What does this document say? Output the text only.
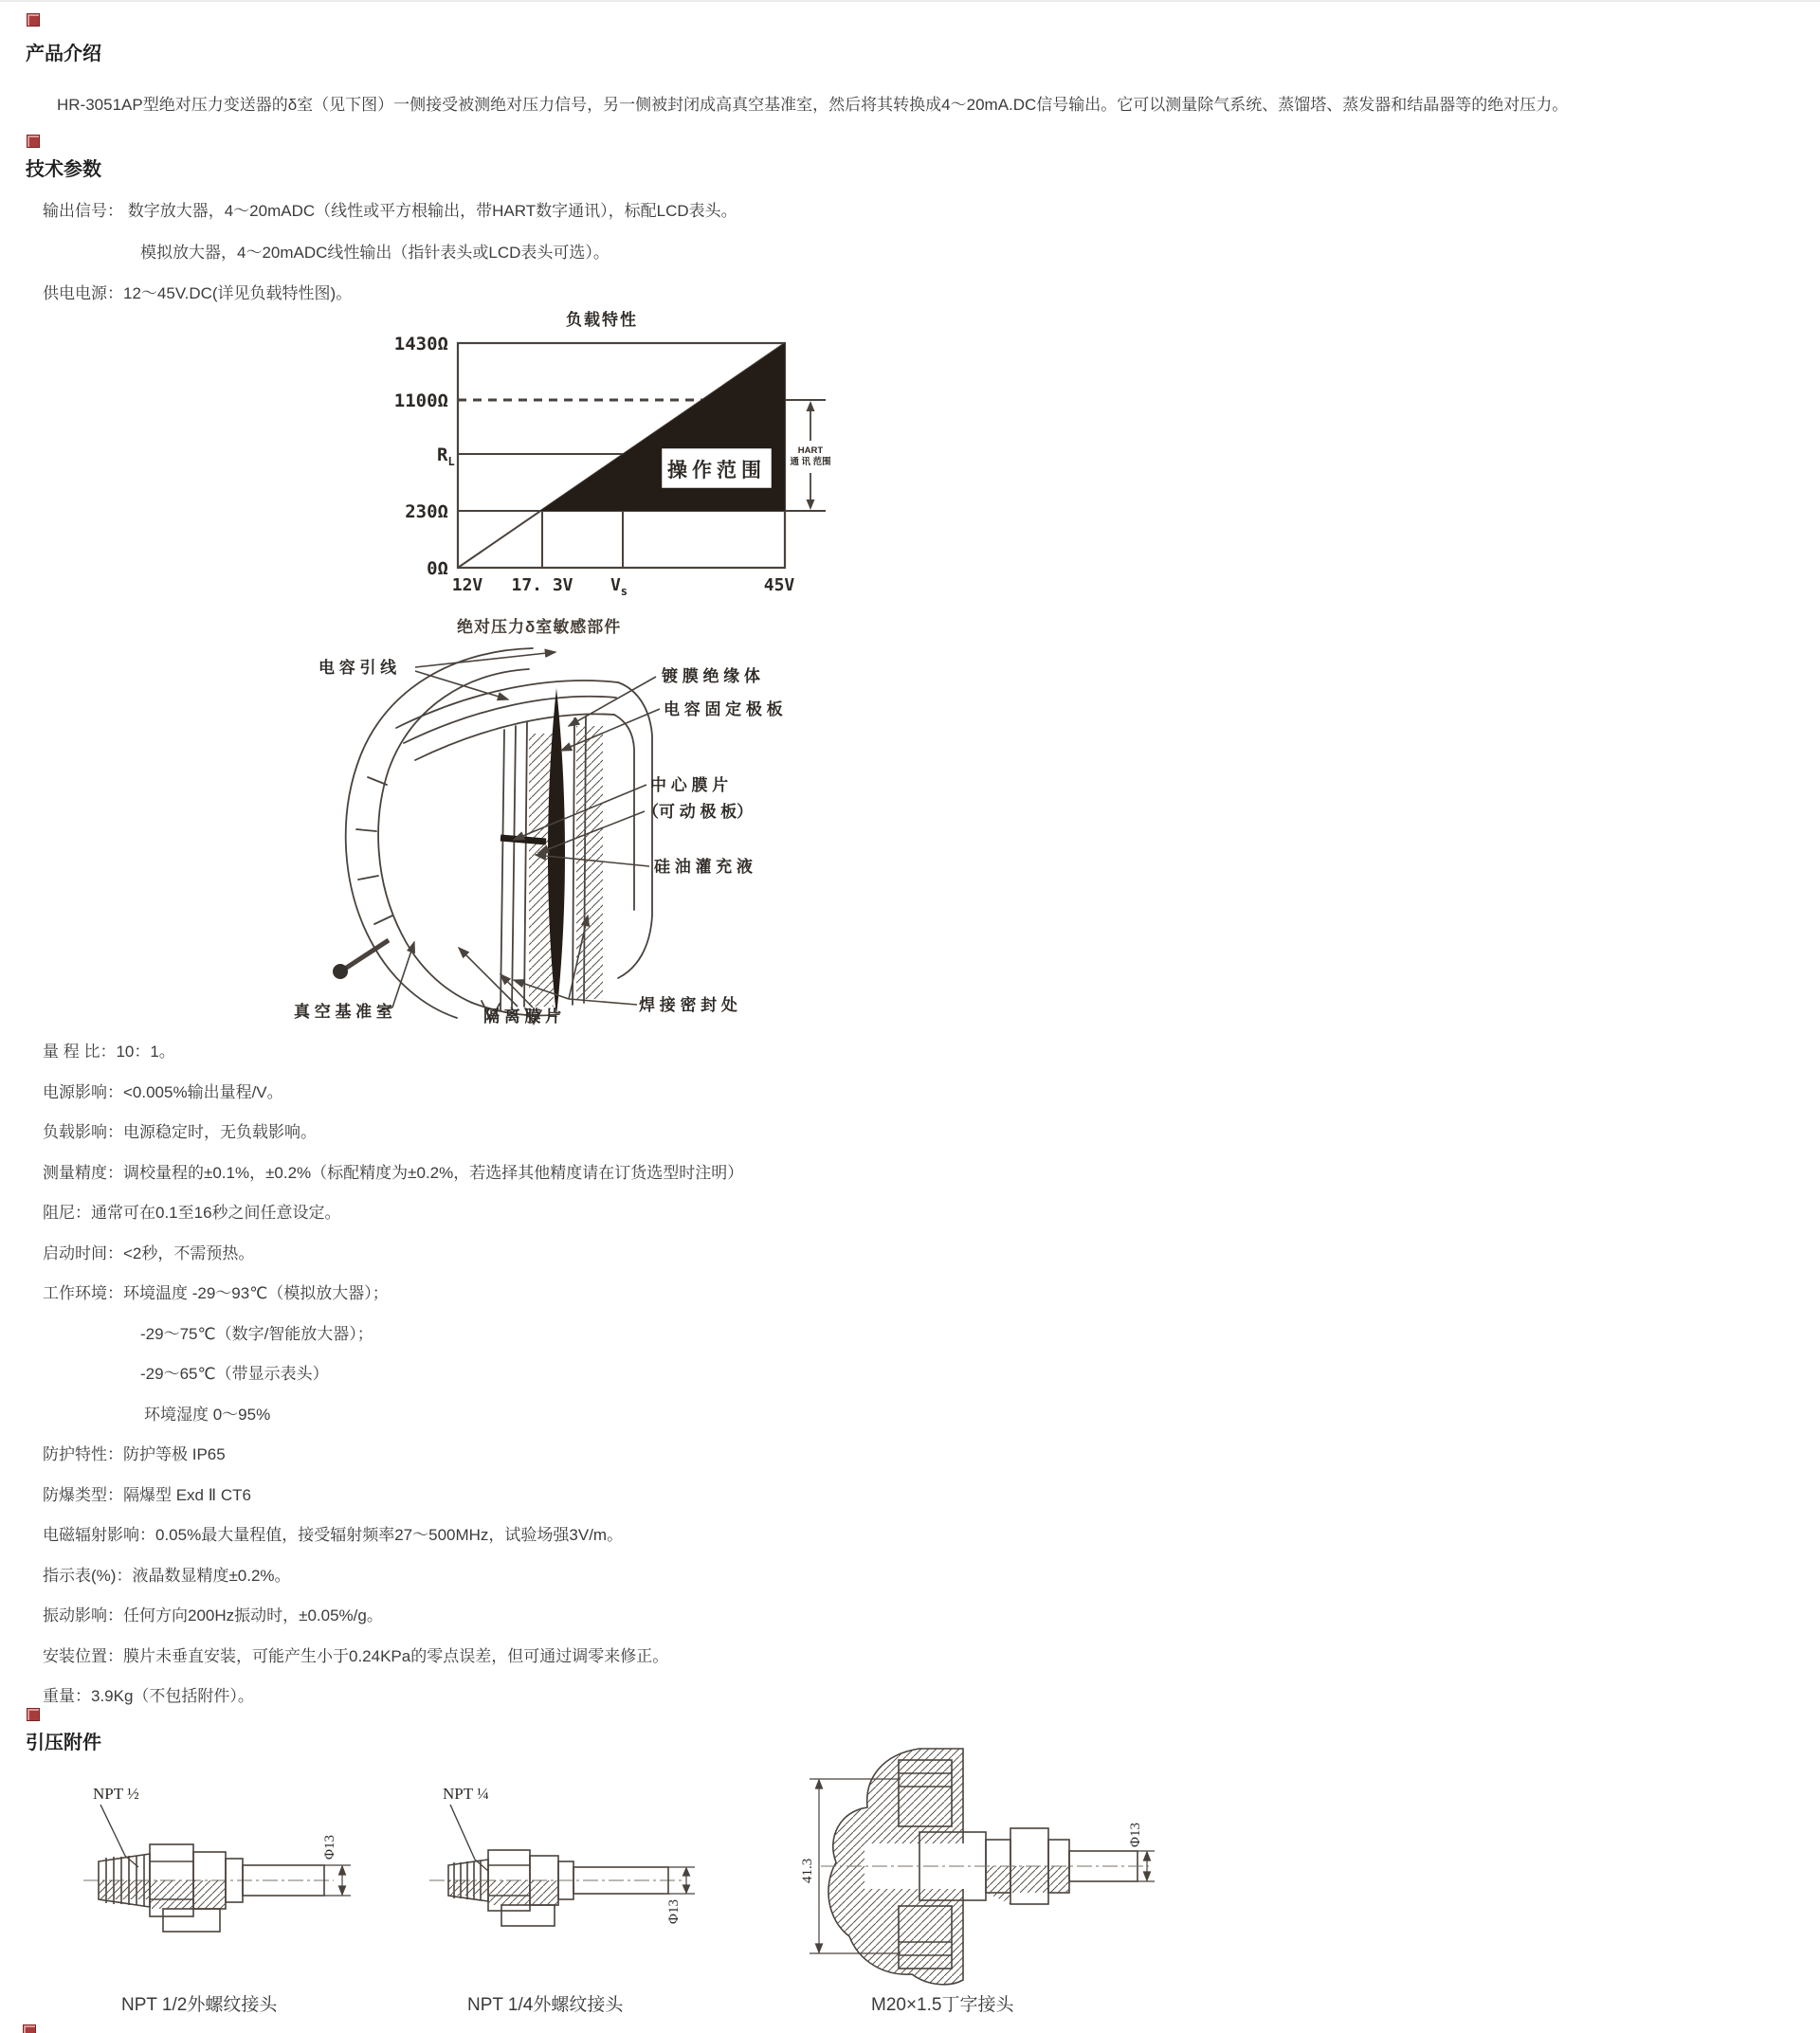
产品介绍
HR-3051AP型绝对压力变送器的δ室（见下图）一侧接受被测绝对压力信号，另一侧被封闭成高真空基准室，然后将其转换成4～20mA.DC信号输出。它可以测量除气系统、蒸馏塔、蒸发器和结晶器等的绝对压力。
技术参数
输出信号： 数字放大器，4～20mADC（线性或平方根输出，带HART数字通讯），标配LCD表头。
模拟放大器，4～20mADC线性输出（指针表头或LCD表头可选）。
供电电源：12～45V.DC(详见负载特性图)。
负载特性
HART
通 讯 范围
操作范围
1430Ω
1100Ω
$R_L$
230Ω
0Ω
12V 17. 3V $V_s$	45V
绝对压力δ室敏感部件
电 容 引 线	镀 膜 绝 缘 体
电 容 固 定 极 板
中 心 膜 片
（可 动 极 板）
硅 油 灌 充 液
焊 接 密 封 处
真 空 基 准 室	隔 离 膜 片
量 程 比：10：1。
电源影响：<0.005%输出量程/V。
负载影响：电源稳定时，无负载影响。
测量精度：调校量程的±0.1%，±0.2%（标配精度为±0.2%，若选择其他精度请在订货选型时注明）
阻尼：通常可在0.1至16秒之间任意设定。
启动时间：<2秒，不需预热。
工作环境：环境温度 -29～93℃（模拟放大器）；
-29～75℃（数字/智能放大器）；
-29～65℃（带显示表头）
环境湿度 0～95%
防护特性：防护等极 IP65
防爆类型：隔爆型 Exd Ⅱ CT6
电磁辐射影响：0.05%最大量程值，接受辐射频率27～500MHz，试验场强3V/m。
指示表(%)：液晶数显精度±0.2%。
振动影响：任何方向200Hz振动时，±0.05%/g。
安装位置：膜片未垂直安装，可能产生小于0.24KPa的零点误差，但可通过调零来修正。
重量：3.9Kg（不包括附件）。
引压附件
NPT ½
Φ13
NPT 1/2外螺纹接头
NPT ¼
Φ13
NPT 1/4外螺纹接头
41.3
Φ13
M20×1.5丁字接头
